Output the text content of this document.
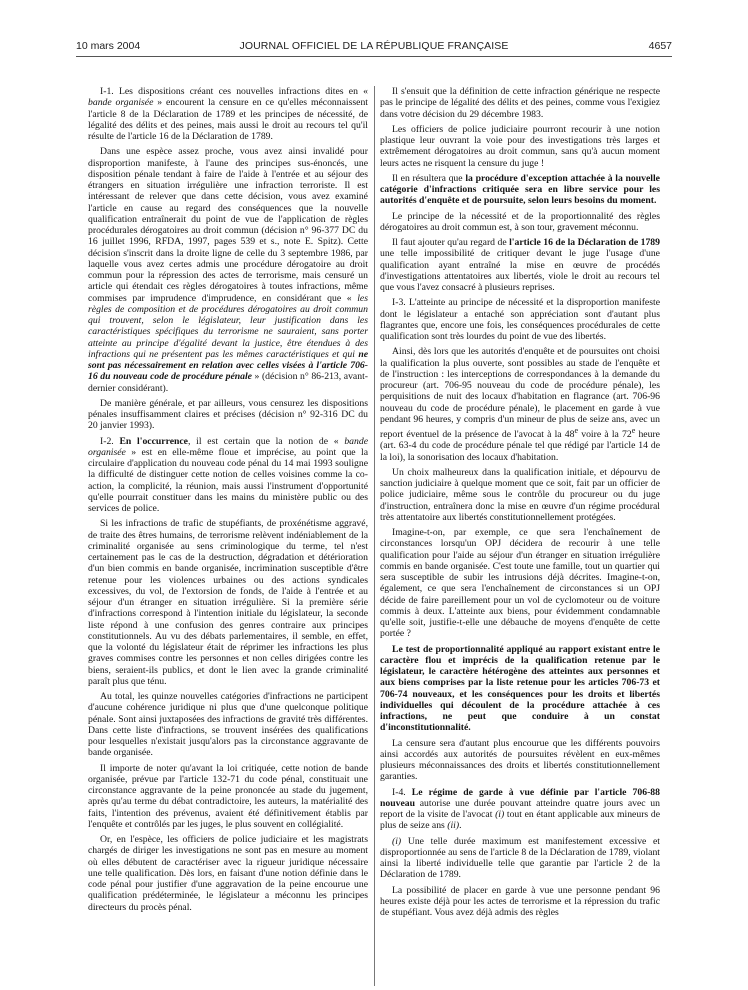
10 mars 2004	JOURNAL OFFICIEL DE LA RÉPUBLIQUE FRANÇAISE	4657

I-1. Les dispositions créant ces nouvelles infractions dites en « bande organisée » encourent la censure en ce qu'elles méconnaissent l'article 8 de la Déclaration de 1789 et les principes de nécessité, de légalité des délits et des peines, mais aussi le droit au recours tel qu'il résulte de l'article 16 de la Déclaration de 1789.

Dans une espèce assez proche, vous avez ainsi invalidé pour disproportion manifeste, à l'aune des principes sus-énoncés, une disposition pénale tendant à faire de l'aide à l'entrée et au séjour des étrangers en situation irrégulière une infraction terroriste. Il est intéressant de relever que dans cette décision, vous avez examiné l'article en cause au regard des conséquences que la nouvelle qualification entraînerait du point de vue de l'application de règles procédurales dérogatoires au droit commun (décision n° 96-377 DC du 16 juillet 1996, RFDA, 1997, pages 539 et s., note E. Spitz). Cette décision s'inscrit dans la droite ligne de celle du 3 septembre 1986, par laquelle vous avez certes admis une procédure dérogatoire au droit commun pour la répression des actes de terrorisme, mais censuré un article qui étendait ces règles dérogatoires à toutes infractions, même commises par imprudence d'imprudence, en considérant que « les règles de composition et de procédures dérogatoires au droit commun qui trouvent, selon le législateur, leur justification dans les caractéristiques spécifiques du terrorisme ne sauraient, sans porter atteinte au principe d'égalité devant la justice, être étendues à des infractions qui ne présentent pas les mêmes caractéristiques et qui ne sont pas nécessairement en relation avec celles visées à l'article 706-16 du nouveau code de procédure pénale » (décision n° 86-213, avant-dernier considérant).

De manière générale, et par ailleurs, vous censurez les dispositions pénales insuffisamment claires et précises (décision n° 92-316 DC du 20 janvier 1993).

I-2. En l'occurrence, il est certain que la notion de « bande organisée » est en elle-même floue et imprécise, au point que la circulaire d'application du nouveau code pénal du 14 mai 1993 souligne la difficulté de distinguer cette notion de celles voisines comme la co-action, la complicité, la réunion, mais aussi l'instrument d'opportunité qu'elle pourrait constituer dans les mains du ministère public ou des services de police.

Si les infractions de trafic de stupéfiants, de proxénétisme aggravé, de traite des êtres humains, de terrorisme relèvent indéniablement de la criminalité organisée au sens criminologique du terme, tel n'est certainement pas le cas de la destruction, dégradation et détérioration d'un bien commis en bande organisée, incrimination susceptible d'être retenue pour les violences urbaines ou des actions syndicales excessives, du vol, de l'extorsion de fonds, de l'aide à l'entrée et au séjour d'un étranger en situation irrégulière. Si la première série d'infractions correspond à l'intention initiale du législateur, la seconde liste répond à une confusion des genres contraire aux principes constitutionnels. Au vu des débats parlementaires, il semble, en effet, que la volonté du législateur était de réprimer les infractions les plus graves commises contre les personnes et non celles dirigées contre les biens, seraient-ils publics, et dont le lien avec la grande criminalité paraît plus que ténu.

Au total, les quinze nouvelles catégories d'infractions ne participent d'aucune cohérence juridique ni plus que d'une quelconque politique pénale. Sont ainsi juxtaposées des infractions de gravité très différentes. Dans cette liste d'infractions, se trouvent insérées des qualifications pour lesquelles n'existait jusqu'alors pas la circonstance aggravante de bande organisée.

Il importe de noter qu'avant la loi critiquée, cette notion de bande organisée, prévue par l'article 132-71 du code pénal, constituait une circonstance aggravante de la peine prononcée au stade du jugement, après qu'au terme du débat contradictoire, les auteurs, la matérialité des faits, l'intention des prévenus, avaient été définitivement établis par l'enquête et contrôlés par les juges, le plus souvent en collégialité.

Or, en l'espèce, les officiers de police judiciaire et les magistrats chargés de diriger les investigations ne sont pas en mesure au moment où elles débutent de caractériser avec la rigueur juridique nécessaire une telle qualification. Dès lors, en faisant d'une notion définie dans le code pénal pour justifier d'une aggravation de la peine encourue une qualification prédéterminée, le législateur a méconnu les principes directeurs du procès pénal.

Il s'ensuit que la définition de cette infraction générique ne respecte pas le principe de légalité des délits et des peines, comme vous l'exigiez dans votre décision du 29 décembre 1983.

Les officiers de police judiciaire pourront recourir à une notion plastique leur ouvrant la voie pour des investigations très larges et extrêmement dérogatoires au droit commun, sans qu'à aucun moment leurs actes ne risquent la censure du juge !

Il en résultera que la procédure d'exception attachée à la nouvelle catégorie d'infractions critiquée sera en libre service pour les autorités d'enquête et de poursuite, selon leurs besoins du moment.

Le principe de la nécessité et de la proportionnalité des règles dérogatoires au droit commun est, à son tour, gravement méconnu.

Il faut ajouter qu'au regard de l'article 16 de la Déclaration de 1789 une telle impossibilité de critiquer devant le juge l'usage d'une qualification ayant entraîné la mise en œuvre de procédés d'investigations attentatoires aux libertés, viole le droit au recours tel que vous l'avez consacré à plusieurs reprises.

I-3. L'atteinte au principe de nécessité et la disproportion manifeste dont le législateur a entaché son appréciation sont d'autant plus flagrantes que, encore une fois, les conséquences procédurales de cette qualification sont très lourdes du point de vue des libertés.

Ainsi, dès lors que les autorités d'enquête et de poursuites ont choisi la qualification la plus ouverte, sont possibles au stade de l'enquête et de l'instruction : les interceptions de correspondances à la demande du procureur (art. 706-95 nouveau du code de procédure pénale), les perquisitions de nuit des locaux d'habitation en flagrance (art. 706-96 nouveau du code de procédure pénale), le placement en garde à vue pendant 96 heures, y compris d'un mineur de plus de seize ans, avec un report éventuel de la présence de l'avocat à la 48e voire à la 72e heure (art. 63-4 du code de procédure pénale tel que rédigé par l'article 14 de la loi), la sonorisation des locaux d'habitation.

Un choix malheureux dans la qualification initiale, et dépourvu de sanction judiciaire à quelque moment que ce soit, fait par un officier de police judiciaire, même sous le contrôle du procureur ou du juge d'instruction, entraînera donc la mise en œuvre d'un régime procédural très attentatoire aux libertés constitutionnellement protégées.

Imagine-t-on, par exemple, ce que sera l'enchaînement de circonstances lorsqu'un OPJ décidera de recourir à une telle qualification pour l'aide au séjour d'un étranger en situation irrégulière commis en bande organisée. C'est toute une famille, tout un quartier qui sera susceptible de subir les intrusions déjà décrites. Imagine-t-on, également, ce que sera l'enchaînement de circonstances si un OPJ décide de faire pareillement pour un vol de cyclomoteur ou de voiture commis à deux. L'atteinte aux biens, pour évidemment condamnable qu'elle soit, justifie-t-elle une débauche de moyens d'enquête de cette portée ?

Le test de proportionnalité appliqué au rapport existant entre le caractère flou et imprécis de la qualification retenue par le législateur, le caractère hétérogène des atteintes aux personnes et aux biens comprises par la liste retenue pour les articles 706-73 et 706-74 nouveaux, et les conséquences pour les droits et libertés individuelles qui découlent de la procédure attachée à ces infractions, ne peut que conduire à un constat d'inconstitutionnalité.

La censure sera d'autant plus encourue que les différents pouvoirs ainsi accordés aux autorités de poursuites révèlent en eux-mêmes plusieurs méconnaissances des droits et libertés constitutionnellement garanties.

I-4. Le régime de garde à vue définie par l'article 706-88 nouveau autorise une durée pouvant atteindre quatre jours avec un report de la visite de l'avocat (i) tout en étant applicable aux mineurs de plus de seize ans (ii).

(i) Une telle durée maximum est manifestement excessive et disproportionnée au sens de l'article 8 de la Déclaration de 1789, violant ainsi la liberté individuelle telle que garantie par l'article 2 de la Déclaration de 1789.

La possibilité de placer en garde à vue une personne pendant 96 heures existe déjà pour les actes de terrorisme et la répression du trafic de stupéfiant. Vous avez déjà admis des règles
